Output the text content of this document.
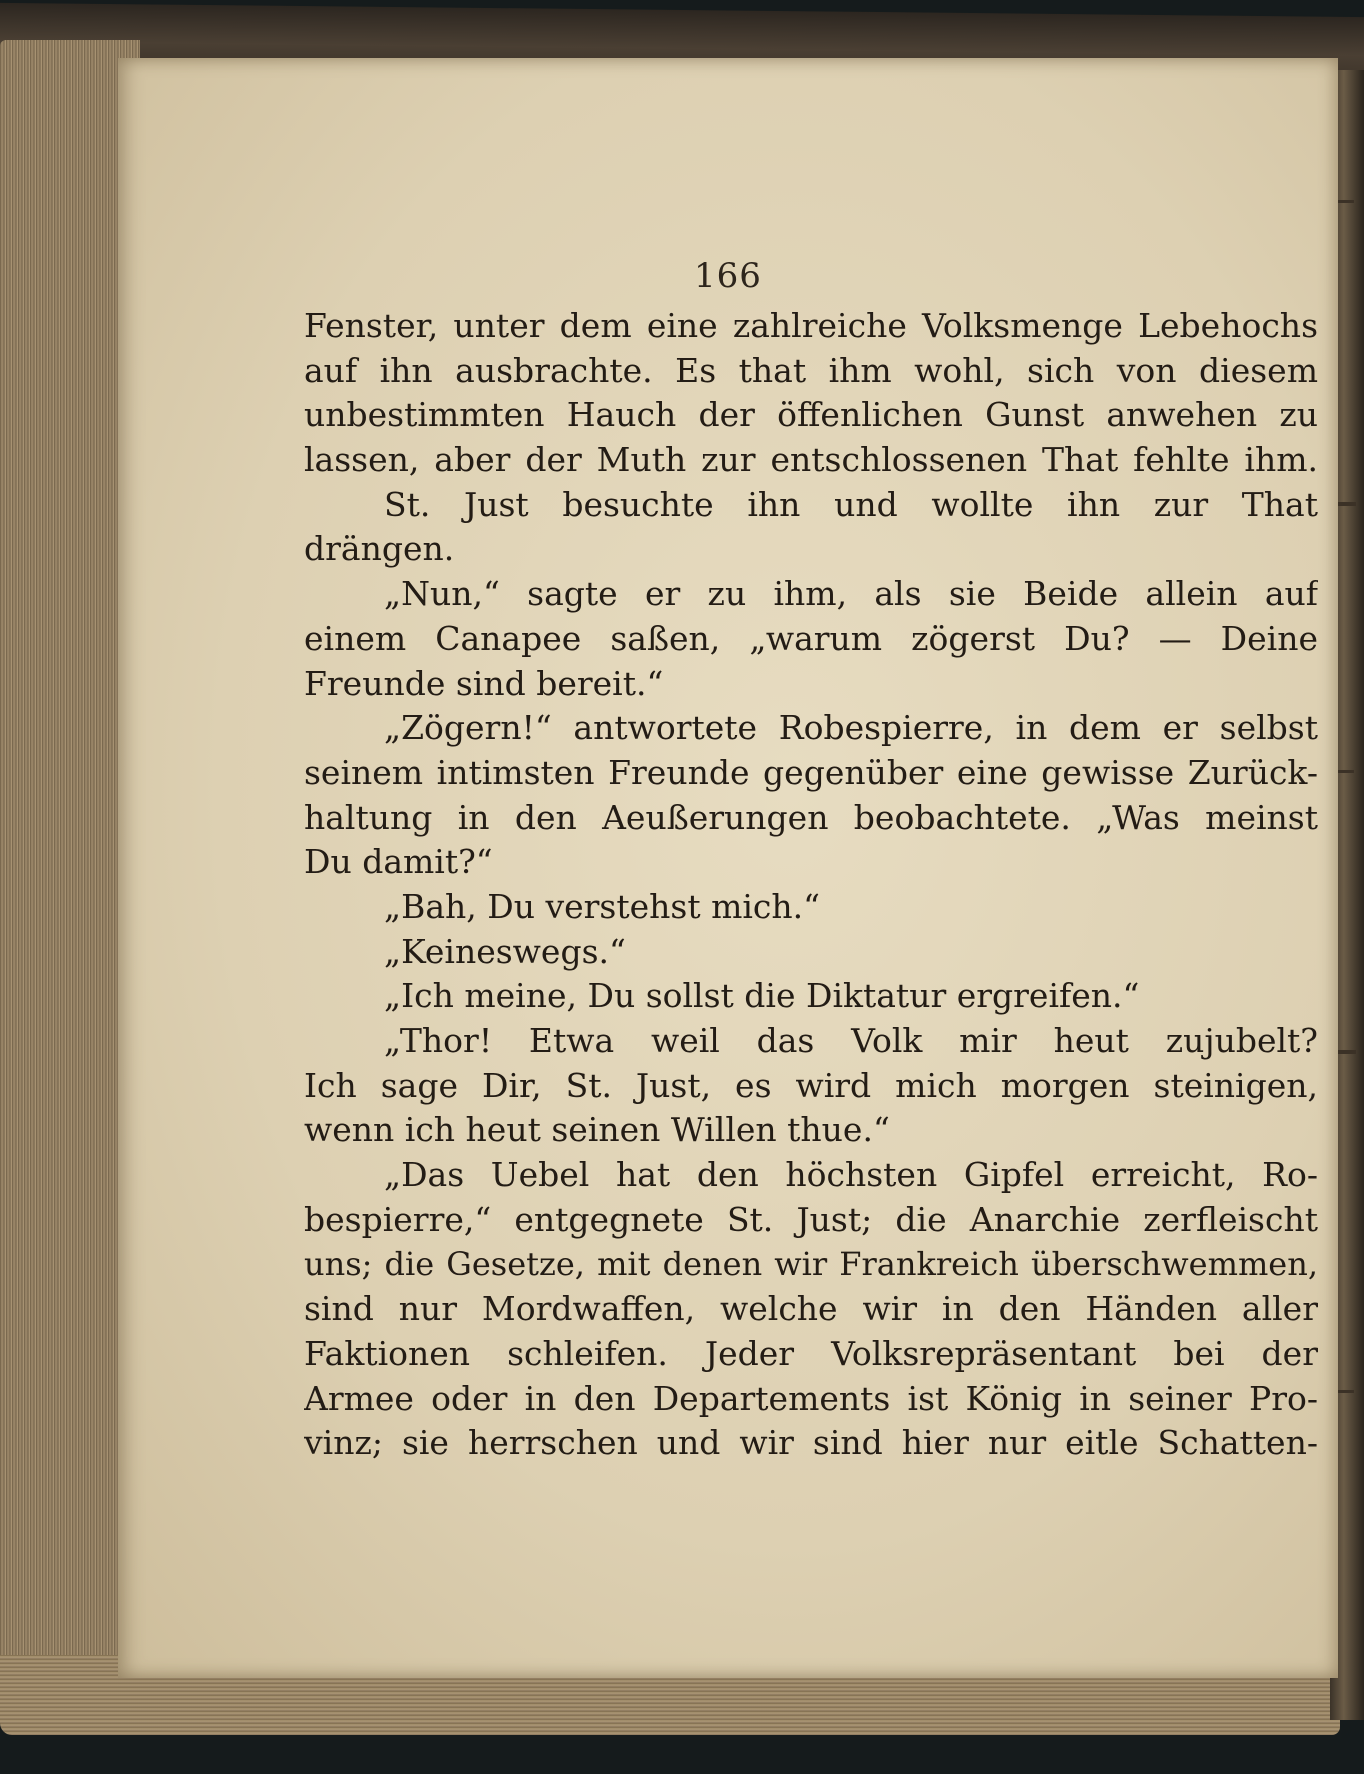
166
Fenster, unter dem eine zahlreiche Volksmenge Lebehochs
auf ihn ausbrachte. Es that ihm wohl, sich von diesem
unbestimmten Hauch der öffenlichen Gunst anwehen zu
lassen, aber der Muth zur entschlossenen That fehlte ihm.
St. Just besuchte ihn und wollte ihn zur That
drängen.
„Nun,“ sagte er zu ihm, als sie Beide allein auf
einem Canapee saßen, „warum zögerst Du? — Deine
Freunde sind bereit.“
„Zögern!“ antwortete Robespierre, in dem er selbst
seinem intimsten Freunde gegenüber eine gewisse Zurück-
haltung in den Aeußerungen beobachtete. „Was meinst
Du damit?“
„Bah, Du verstehst mich.“
„Keineswegs.“
„Ich meine, Du sollst die Diktatur ergreifen.“
„Thor! Etwa weil das Volk mir heut zujubelt?
Ich sage Dir, St. Just, es wird mich morgen steinigen,
wenn ich heut seinen Willen thue.“
„Das Uebel hat den höchsten Gipfel erreicht, Ro-
bespierre,“ entgegnete St. Just; die Anarchie zerfleischt
uns; die Gesetze, mit denen wir Frankreich überschwemmen,
sind nur Mordwaffen, welche wir in den Händen aller
Faktionen schleifen. Jeder Volksrepräsentant bei der
Armee oder in den Departements ist König in seiner Pro-
vinz; sie herrschen und wir sind hier nur eitle Schatten-
